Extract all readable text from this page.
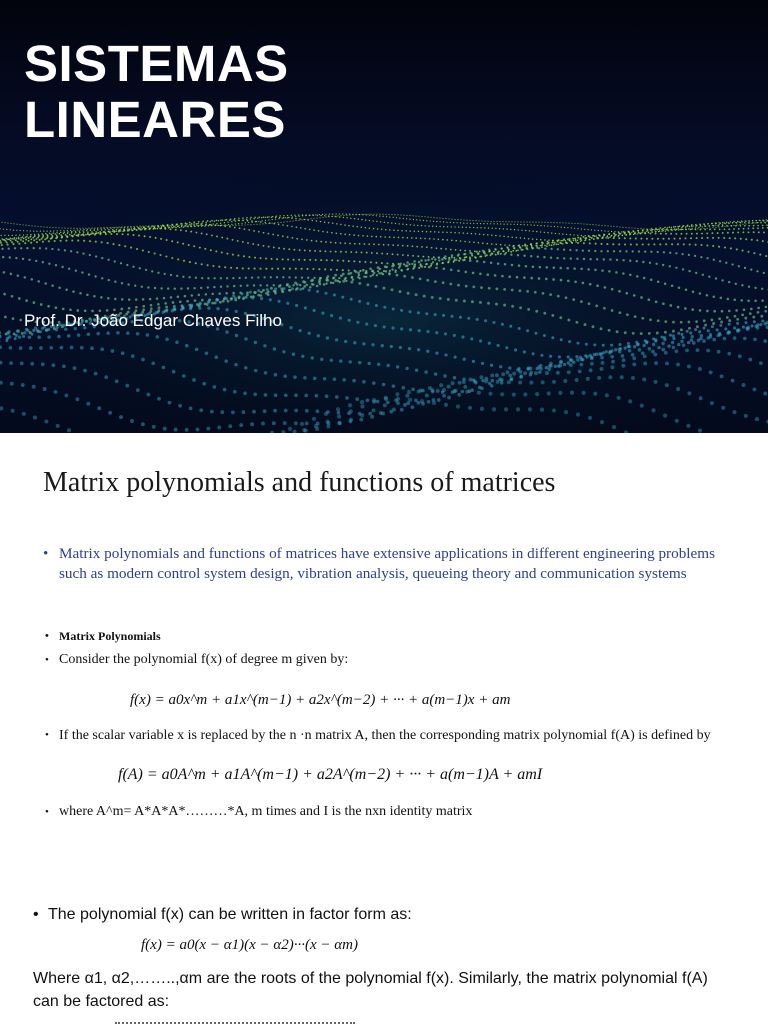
SISTEMAS
LINEARES
Prof. Dr. João Edgar Chaves Filho
Matrix polynomials and functions of matrices
• Matrix polynomials and functions of matrices have extensive applications in different engineering problems such as modern control system design, vibration analysis, queueing theory and communication systems
• Matrix Polynomials
• Consider the polynomial f(x) of degree m given by:
f(x) = a0x^m + a1x^(m−1) + a2x^(m−2) + ··· + a(m−1)x + am
• If the scalar variable x is replaced by the n ·n matrix A, then the corresponding matrix polynomial f(A) is defined by
f(A) = a0A^m + a1A^(m−1) + a2A^(m−2) + ··· + a(m−1)A + amI
• where A^m= A*A*A*………*A, m times and I is the nxn identity matrix
• The polynomial f(x) can be written in factor form as:
f(x) = a0(x − α1)(x − α2)···(x − αm)
Where α1, α2,……..,αm are the roots of the polynomial f(x). Similarly, the matrix polynomial f(A) can be factored as:
